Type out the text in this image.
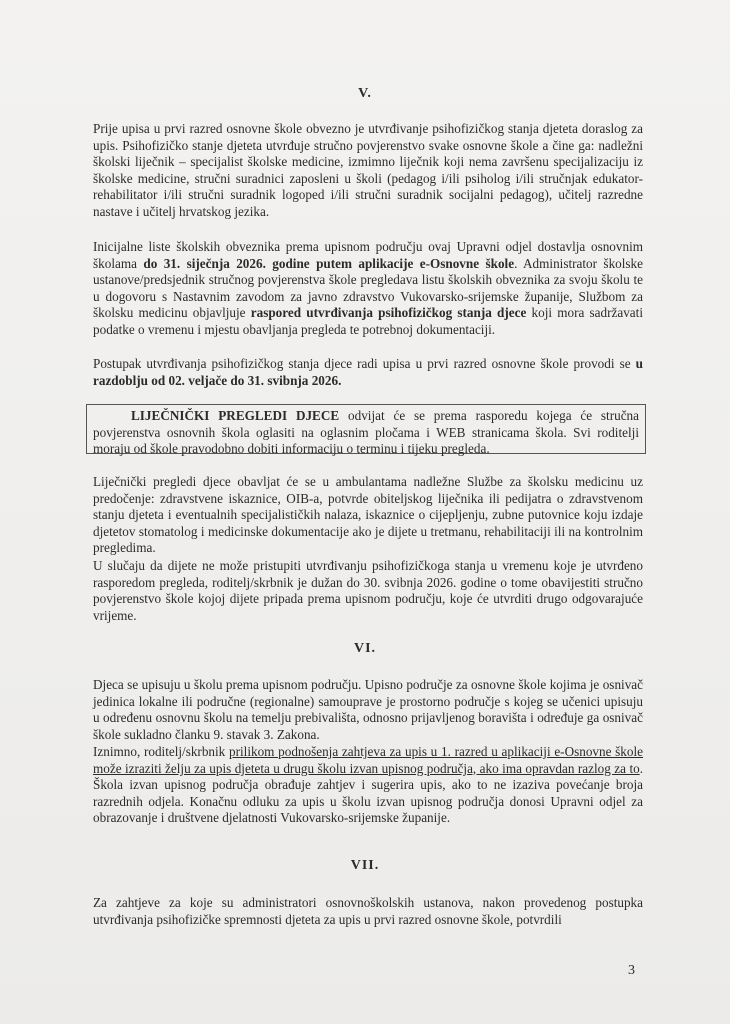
V.
Prije upisa u prvi razred osnovne škole obvezno je utvrđivanje psihofizičkog stanja djeteta doraslog za upis. Psihofizičko stanje djeteta utvrđuje stručno povjerenstvo svake osnovne škole a čine ga: nadležni školski liječnik – specijalist školske medicine, izmimno liječnik koji nema završenu specijalizaciju iz školske medicine, stručni suradnici zaposleni u školi (pedagog i/ili psiholog i/ili stručnjak edukator-rehabilitator i/ili stručni suradnik logoped i/ili stručni suradnik socijalni pedagog), učitelj razredne nastave i učitelj hrvatskog jezika.
Inicijalne liste školskih obveznika prema upisnom području ovaj Upravni odjel dostavlja osnovnim školama do 31. siječnja 2026. godine putem aplikacije e-Osnovne škole. Administrator školske ustanove/predsjednik stručnog povjerenstva škole pregledava listu školskih obveznika za svoju školu te u dogovoru s Nastavnim zavodom za javno zdravstvo Vukovarsko-srijemske županije, Službom za školsku medicinu objavljuje raspored utvrđivanja psihofizičkog stanja djece koji mora sadržavati podatke o vremenu i mjestu obavljanja pregleda te potrebnoj dokumentaciji.
Postupak utvrđivanja psihofizičkog stanja djece radi upisa u prvi razred osnovne škole provodi se u razdoblju od 02. veljače do 31. svibnja 2026.
LIJEČNIČKI PREGLEDI DJECE odvijat će se prema rasporedu kojega će stručna povjerenstva osnovnih škola oglasiti na oglasnim pločama i WEB stranicama škola. Svi roditelji moraju od škole pravodobno dobiti informaciju o terminu i tijeku pregleda.
Liječnički pregledi djece obavljat će se u ambulantama nadležne Službe za školsku medicinu uz predočenje: zdravstvene iskaznice, OIB-a, potvrde obiteljskog liječnika ili pedijatra o zdravstvenom stanju djeteta i eventualnih specijalističkih nalaza, iskaznice o cijepljenju, zubne putovnice koju izdaje djetetov stomatolog i medicinske dokumentacije ako je dijete u tretmanu, rehabilitaciji ili na kontrolnim pregledima.
U slučaju da dijete ne može pristupiti utvrđivanju psihofizičkoga stanja u vremenu koje je utvrđeno rasporedom pregleda, roditelj/skrbnik je dužan do 30. svibnja 2026. godine o tome obavijestiti stručno povjerenstvo škole kojoj dijete pripada prema upisnom području, koje će utvrditi drugo odgovarajuće vrijeme.
VI.
Djeca se upisuju u školu prema upisnom području. Upisno područje za osnovne škole kojima je osnivač jedinica lokalne ili područne (regionalne) samouprave je prostorno područje s kojeg se učenici upisuju u određenu osnovnu školu na temelju prebivališta, odnosno prijavljenog boravišta i određuje ga osnivač škole sukladno članku 9. stavak 3. Zakona.
Iznimno, roditelj/skrbnik prilikom podnošenja zahtjeva za upis u 1. razred u aplikaciji e-Osnovne škole može izraziti želju za upis djeteta u drugu školu izvan upisnog područja, ako ima opravdan razlog za to. Škola izvan upisnog područja obrađuje zahtjev i sugerira upis, ako to ne izaziva povećanje broja razrednih odjela. Konačnu odluku za upis u školu izvan upisnog područja donosi Upravni odjel za obrazovanje i društvene djelatnosti Vukovarsko-srijemske županije.
VII.
Za zahtjeve za koje su administratori osnovnoškolskih ustanova, nakon provedenog postupka utvrđivanja psihofizičke spremnosti djeteta za upis u prvi razred osnovne škole, potvrdili
3
